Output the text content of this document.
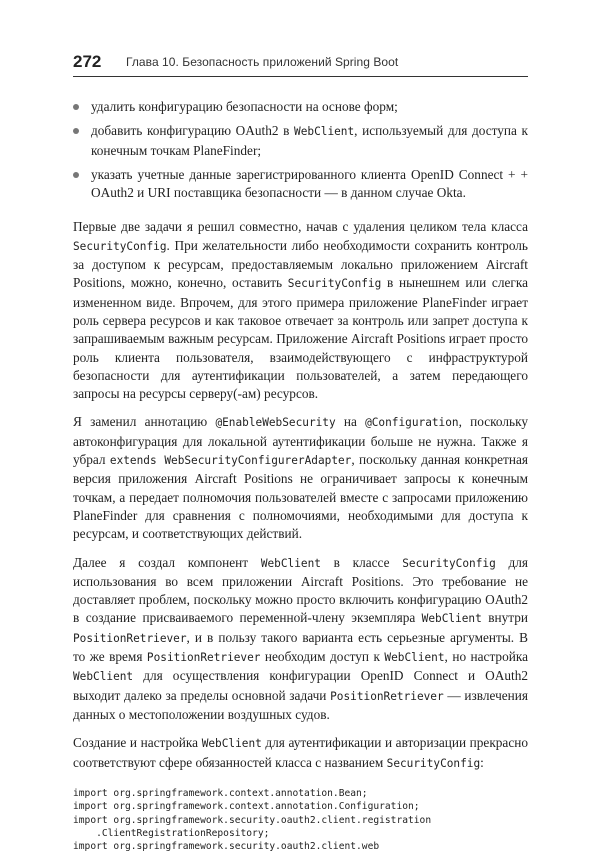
272 Глава 10. Безопасность приложений Spring Boot
удалить конфигурацию безопасности на основе форм;
добавить конфигурацию OAuth2 в WebClient, используемый для доступа к конечным точкам PlaneFinder;
указать учетные данные зарегистрированного клиента OpenID Connect + + OAuth2 и URI поставщика безопасности — в данном случае Okta.

Первые две задачи я решил совместно, начав с удаления целиком тела класса SecurityConfig. При желательности либо необходимости сохранить контроль за доступом к ресурсам, предоставляемым локально приложением Aircraft Positions, можно, конечно, оставить SecurityConfig в нынешнем или слегка измененном виде. Впрочем, для этого примера приложение PlaneFinder играет роль сервера ресурсов и как таковое отвечает за контроль или запрет доступа к запрашиваемым важным ресурсам. Приложение Aircraft Positions играет просто роль клиента пользователя, взаимодействующего с инфраструктурой безопасности для аутентификации пользователей, а затем передающего запросы на ресурсы серверу(-ам) ресурсов.

Я заменил аннотацию @EnableWebSecurity на @Configuration, поскольку автоконфигурация для локальной аутентификации больше не нужна. Также я убрал extends WebSecurityConfigurerAdapter, поскольку данная конкретная версия приложения Aircraft Positions не ограничивает запросы к конечным точкам, а передает полномочия пользователей вместе с запросами приложению PlaneFinder для сравнения с полномочиями, необходимыми для доступа к ресурсам, и соответствующих действий.

Далее я создал компонент WebClient в классе SecurityConfig для использования во всем приложении Aircraft Positions. Это требование не доставляет проблем, поскольку можно просто включить конфигурацию OAuth2 в создание присваиваемого переменной-члену экземпляра WebClient внутри PositionRetriever, и в пользу такого варианта есть серьезные аргументы. В то же время PositionRetriever необходим доступ к WebClient, но настройка WebClient для осуществления конфигурации OpenID Connect и OAuth2 выходит далеко за пределы основной задачи PositionRetriever — извлечения данных о местоположении воздушных судов.

Создание и настройка WebClient для аутентификации и авторизации прекрасно соответствуют сфере обязанностей класса с названием SecurityConfig:

import org.springframework.context.annotation.Bean;
import org.springframework.context.annotation.Configuration;
import org.springframework.security.oauth2.client.registration
.ClientRegistrationRepository;
import org.springframework.security.oauth2.client.web
